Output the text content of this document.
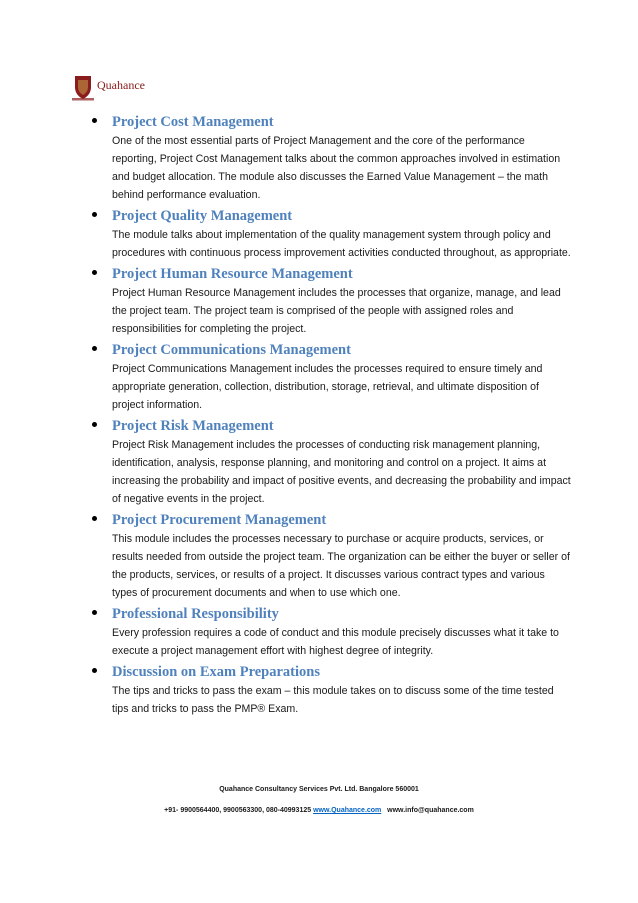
Quahance
Project Cost Management
One of the most essential parts of Project Management and the core of the performance reporting, Project Cost Management talks about the common approaches involved in estimation and budget allocation. The module also discusses the Earned Value Management – the math behind performance evaluation.
Project Quality Management
The module talks about implementation of the quality management system through policy and procedures with continuous process improvement activities conducted throughout, as appropriate.
Project Human Resource Management
Project Human Resource Management includes the processes that organize, manage, and lead the project team. The project team is comprised of the people with assigned roles and responsibilities for completing the project.
Project Communications Management
Project Communications Management includes the processes required to ensure timely and appropriate generation, collection, distribution, storage, retrieval, and ultimate disposition of project information.
Project Risk Management
Project Risk Management includes the processes of conducting risk management planning, identification, analysis, response planning, and monitoring and control on a project. It aims at increasing the probability and impact of positive events, and decreasing the probability and impact of negative events in the project.
Project Procurement Management
This module includes the processes necessary to purchase or acquire products, services, or results needed from outside the project team. The organization can be either the buyer or seller of the products, services, or results of a project. It discusses various contract types and various types of procurement documents and when to use which one.
Professional Responsibility
Every profession requires a code of conduct and this module precisely discusses what it take to execute a project management effort with highest degree of integrity.
Discussion on Exam Preparations
The tips and tricks to pass the exam – this module takes on to discuss some of the time tested tips and tricks to pass the PMP® Exam.
Quahance Consultancy Services Pvt. Ltd. Bangalore 560001
+91- 9900564400, 9900563300, 080-40993125 www.Quahance.com www.info@quahance.com
